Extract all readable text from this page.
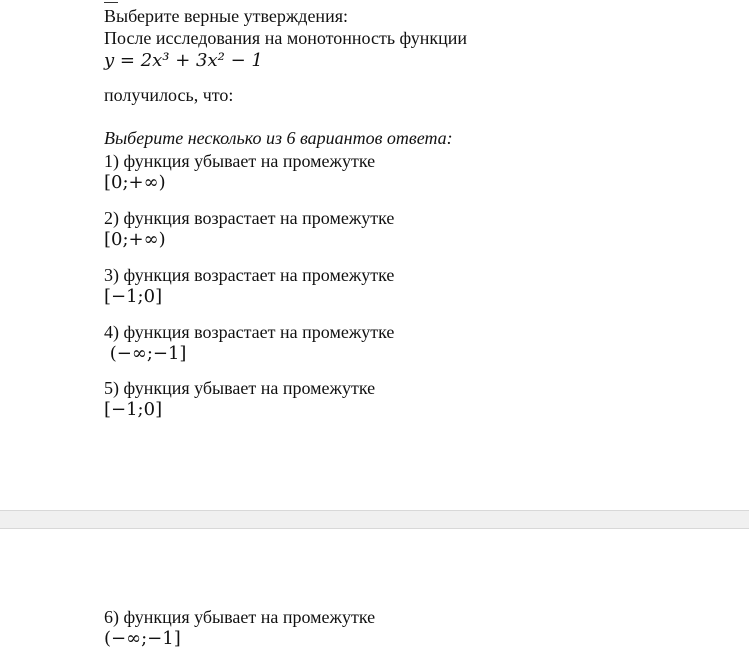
Выберите верные утверждения:
После исследования на монотонность функции
y = 2x³ + 3x² − 1
получилось, что:
Выберите несколько из 6 вариантов ответа:
1) функция убывает на промежутке
[0;+∞)
2) функция возрастает на промежутке
[0;+∞)
3) функция возрастает на промежутке
[−1;0]
4) функция возрастает на промежутке
(−∞;−1]
5) функция убывает на промежутке
[−1;0]
6) функция убывает на промежутке
(−∞;−1]
